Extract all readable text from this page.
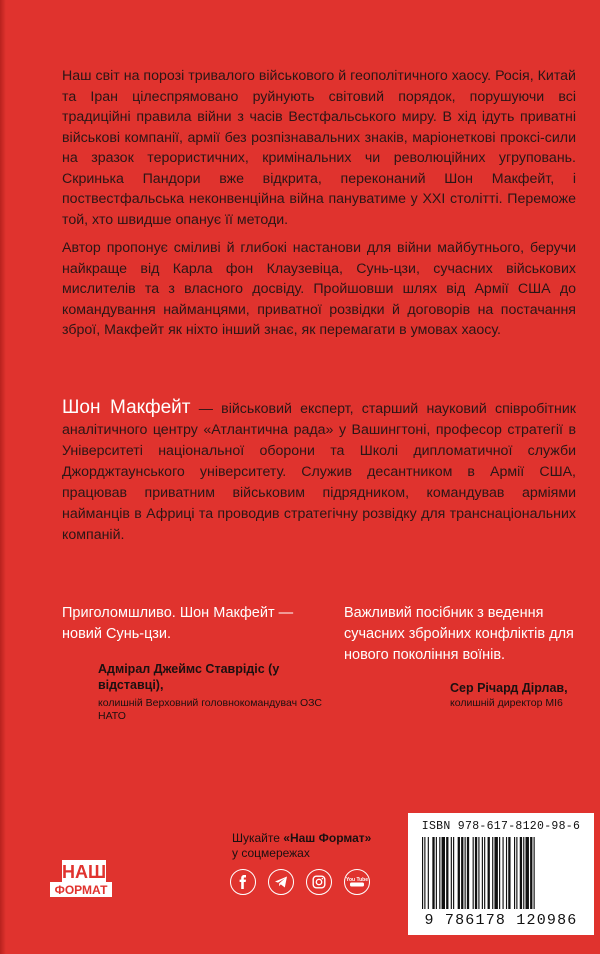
Наш світ на порозі тривалого військового й геополітичного хаосу. Росія, Китай та Іран цілеспрямовано руйнують світовий порядок, порушуючи всі традиційні правила війни з часів Вестфальського миру. В хід ідуть приватні військові компанії, армії без розпізнавальних знаків, маріонеткові проксі-сили на зразок терористичних, кримінальних чи революційних угруповань. Скринька Пандори вже відкрита, переконаний Шон Макфейт, і поствестфальська неконвенційна війна пануватиме у XXI столітті. Переможе той, хто швидше опанує її методи.

Автор пропонує сміливі й глибокі настанови для війни майбутнього, беручи найкраще від Карла фон Клаузевіца, Сунь-цзи, сучасних військових мислителів та з власного досвіду. Пройшовши шлях від Армії США до командування найманцями, приватної розвідки й договорів на постачання зброї, Макфейт як ніхто інший знає, як перемагати в умовах хаосу.

Шон Макфейт — військовий експерт, старший науковий співробітник аналітичного центру «Атлантична рада» у Вашингтоні, професор стратегії в Університеті національної оборони та Школі дипломатичної служби Джорджтаунського університету. Служив десантником в Армії США, працював приватним військовим підрядником, командував арміями найманців в Африці та проводив стратегічну розвідку для транснаціональних компаній.
Приголомшливо. Шон Макфейт — новий Сунь-цзи.
Адмірал Джеймс Ставрідіс (у відставці),
колишній Верховний головнокомандувач ОЗС НАТО
Важливий посібник з ведення сучасних збройних конфліктів для нового покоління воїнів.
Сер Річард Дірлав,
колишній директор МІ6
НАШ
ФОРМАТ
Шукайте «Наш Формат»
у соцмережах
You Tube
ISBN 978-617-8120-98-6
9 786178 120986
